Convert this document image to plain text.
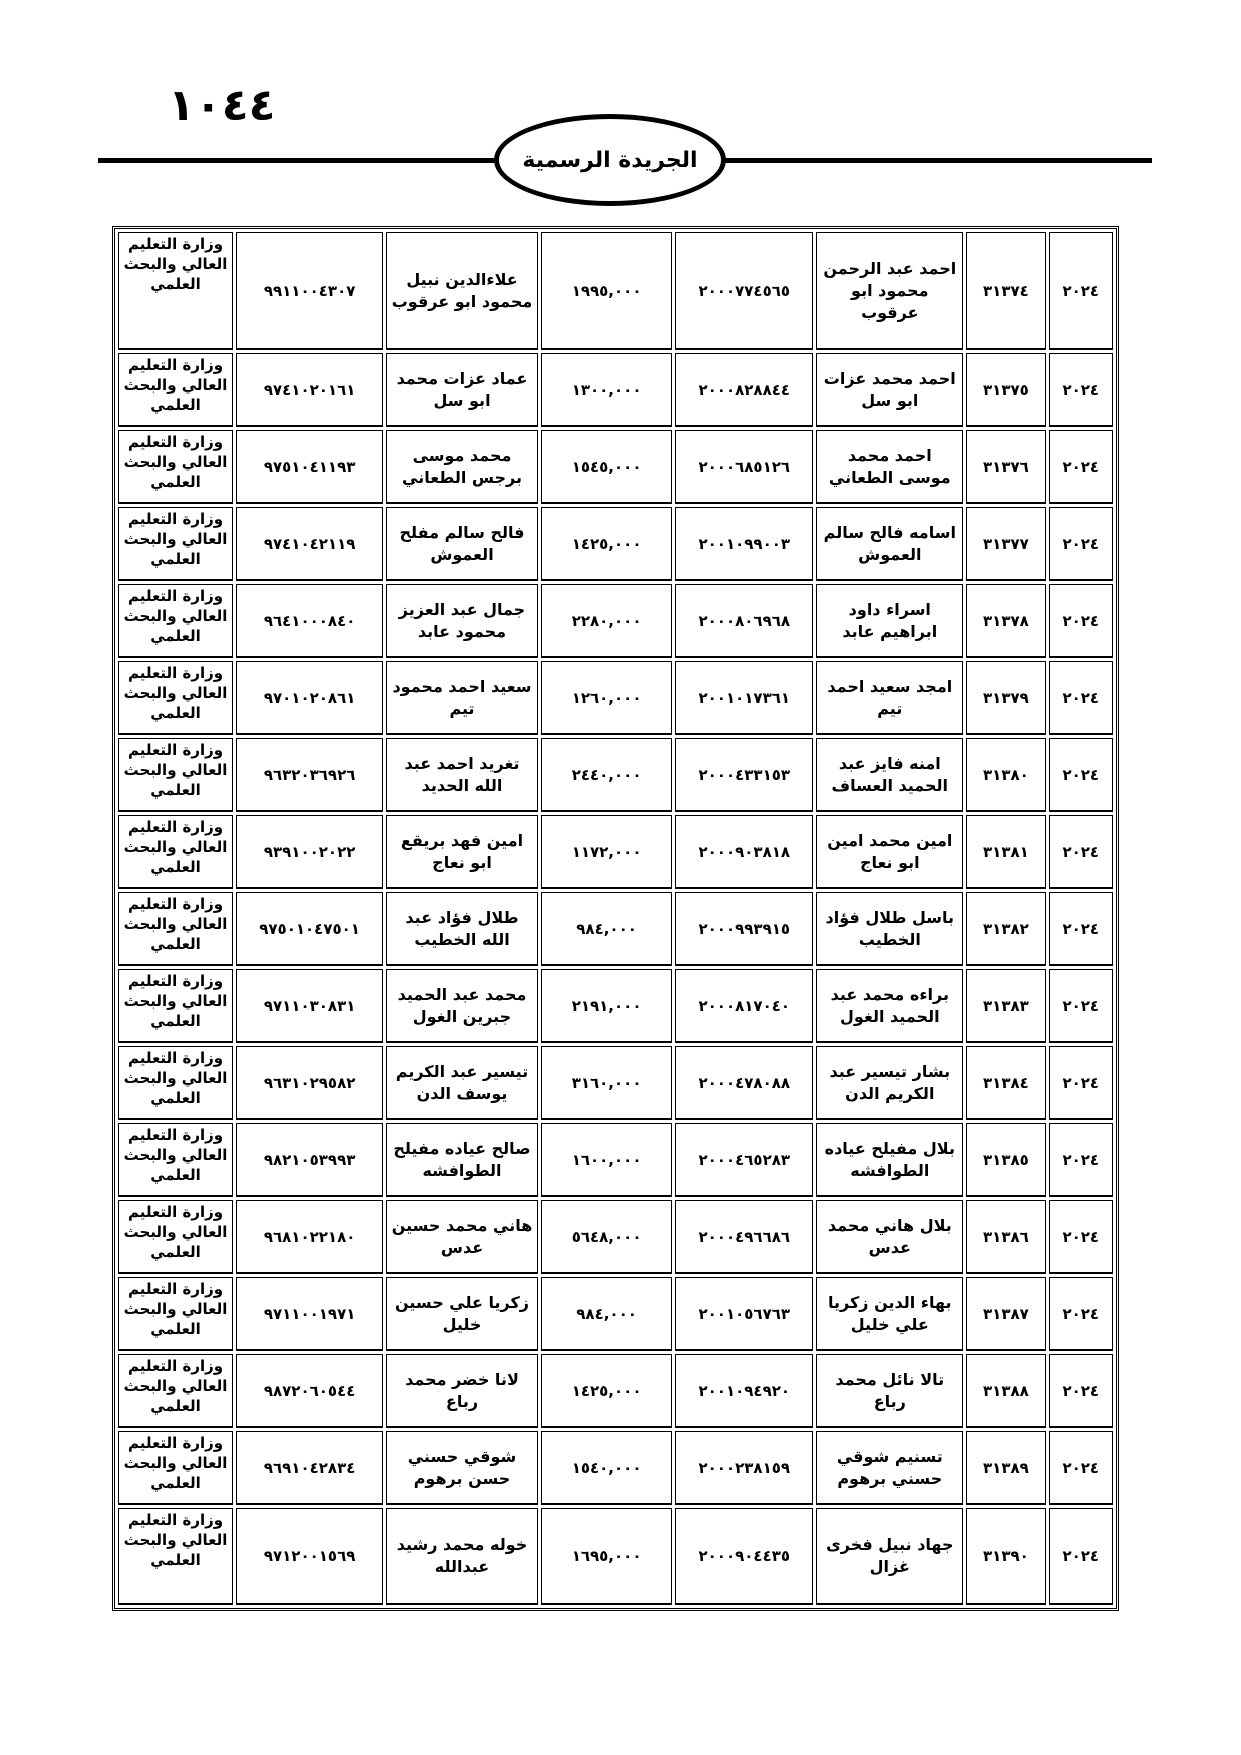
١٠٤٤
الجريدة الرسمية
٢٠٢٤	٣١٣٧٤	احمد عبد الرحمن محمود ابو عرقوب	٢٠٠٠٧٧٤٥٦٥	١٩٩٥,٠٠٠	علاءالدين نبيل محمود ابو عرقوب	٩٩١١٠٠٤٣٠٧	وزارة التعليم العالي والبحث العلمي
٢٠٢٤	٣١٣٧٥	احمد محمد عزات ابو سل	٢٠٠٠٨٢٨٨٤٤	١٣٠٠,٠٠٠	عماد عزات محمد ابو سل	٩٧٤١٠٢٠١٦١	وزارة التعليم العالي والبحث العلمي
٢٠٢٤	٣١٣٧٦	احمد محمد موسى الطعاني	٢٠٠٠٦٨٥١٢٦	١٥٤٥,٠٠٠	محمد موسى برجس الطعاني	٩٧٥١٠٤١١٩٣	وزارة التعليم العالي والبحث العلمي
٢٠٢٤	٣١٣٧٧	اسامه فالح سالم العموش	٢٠٠١٠٩٩٠٠٣	١٤٢٥,٠٠٠	فالح سالم مفلح العموش	٩٧٤١٠٤٢١١٩	وزارة التعليم العالي والبحث العلمي
٢٠٢٤	٣١٣٧٨	اسراء داود ابراهيم عابد	٢٠٠٠٨٠٦٩٦٨	٢٢٨٠,٠٠٠	جمال عبد العزيز محمود عابد	٩٦٤١٠٠٠٨٤٠	وزارة التعليم العالي والبحث العلمي
٢٠٢٤	٣١٣٧٩	امجد سعيد احمد تيم	٢٠٠١٠١٧٣٦١	١٢٦٠,٠٠٠	سعيد احمد محمود تيم	٩٧٠١٠٢٠٨٦١	وزارة التعليم العالي والبحث العلمي
٢٠٢٤	٣١٣٨٠	امنه فايز عبد الحميد العساف	٢٠٠٠٤٣٣١٥٣	٢٤٤٠,٠٠٠	تغريد احمد عبد الله الحديد	٩٦٣٢٠٣٦٩٢٦	وزارة التعليم العالي والبحث العلمي
٢٠٢٤	٣١٣٨١	امين محمد امين ابو نعاج	٢٠٠٠٩٠٣٨١٨	١١٧٢,٠٠٠	امين فهد بريقع ابو نعاج	٩٣٩١٠٠٢٠٢٢	وزارة التعليم العالي والبحث العلمي
٢٠٢٤	٣١٣٨٢	باسل طلال فؤاد الخطيب	٢٠٠٠٩٩٣٩١٥	٩٨٤,٠٠٠	طلال فؤاد عبد الله الخطيب	٩٧٥٠١٠٤٧٥٠١	وزارة التعليم العالي والبحث العلمي
٢٠٢٤	٣١٣٨٣	براءه محمد عبد الحميد الغول	٢٠٠٠٨١٧٠٤٠	٢١٩١,٠٠٠	محمد عبد الحميد جبرين الغول	٩٧١١٠٣٠٨٣١	وزارة التعليم العالي والبحث العلمي
٢٠٢٤	٣١٣٨٤	بشار تيسير عبد الكريم الدن	٢٠٠٠٤٧٨٠٨٨	٣١٦٠,٠٠٠	تيسير عبد الكريم يوسف الدن	٩٦٣١٠٢٩٥٨٢	وزارة التعليم العالي والبحث العلمي
٢٠٢٤	٣١٣٨٥	بلال مفيلح عياده الطوافشه	٢٠٠٠٤٦٥٢٨٣	١٦٠٠,٠٠٠	صالح عياده مفيلح الطوافشه	٩٨٢١٠٥٣٩٩٣	وزارة التعليم العالي والبحث العلمي
٢٠٢٤	٣١٣٨٦	بلال هاني محمد عدس	٢٠٠٠٤٩٦٦٨٦	٥٦٤٨,٠٠٠	هاني محمد حسين عدس	٩٦٨١٠٢٢١٨٠	وزارة التعليم العالي والبحث العلمي
٢٠٢٤	٣١٣٨٧	بهاء الدين زكريا علي خليل	٢٠٠١٠٥٦٧٦٣	٩٨٤,٠٠٠	زكريا علي حسين خليل	٩٧١١٠٠١٩٧١	وزارة التعليم العالي والبحث العلمي
٢٠٢٤	٣١٣٨٨	تالا نائل محمد رباع	٢٠٠١٠٩٤٩٢٠	١٤٢٥,٠٠٠	لانا خضر محمد رباع	٩٨٧٢٠٦٠٥٤٤	وزارة التعليم العالي والبحث العلمي
٢٠٢٤	٣١٣٨٩	تسنيم شوقي حسني برهوم	٢٠٠٠٢٣٨١٥٩	١٥٤٠,٠٠٠	شوقي حسني حسن برهوم	٩٦٩١٠٤٢٨٣٤	وزارة التعليم العالي والبحث العلمي
٢٠٢٤	٣١٣٩٠	جهاد نبيل فخرى غزال	٢٠٠٠٩٠٤٤٣٥	١٦٩٥,٠٠٠	خوله محمد رشيد عبدالله	٩٧١٢٠٠١٥٦٩	وزارة التعليم العالي والبحث العلمي
